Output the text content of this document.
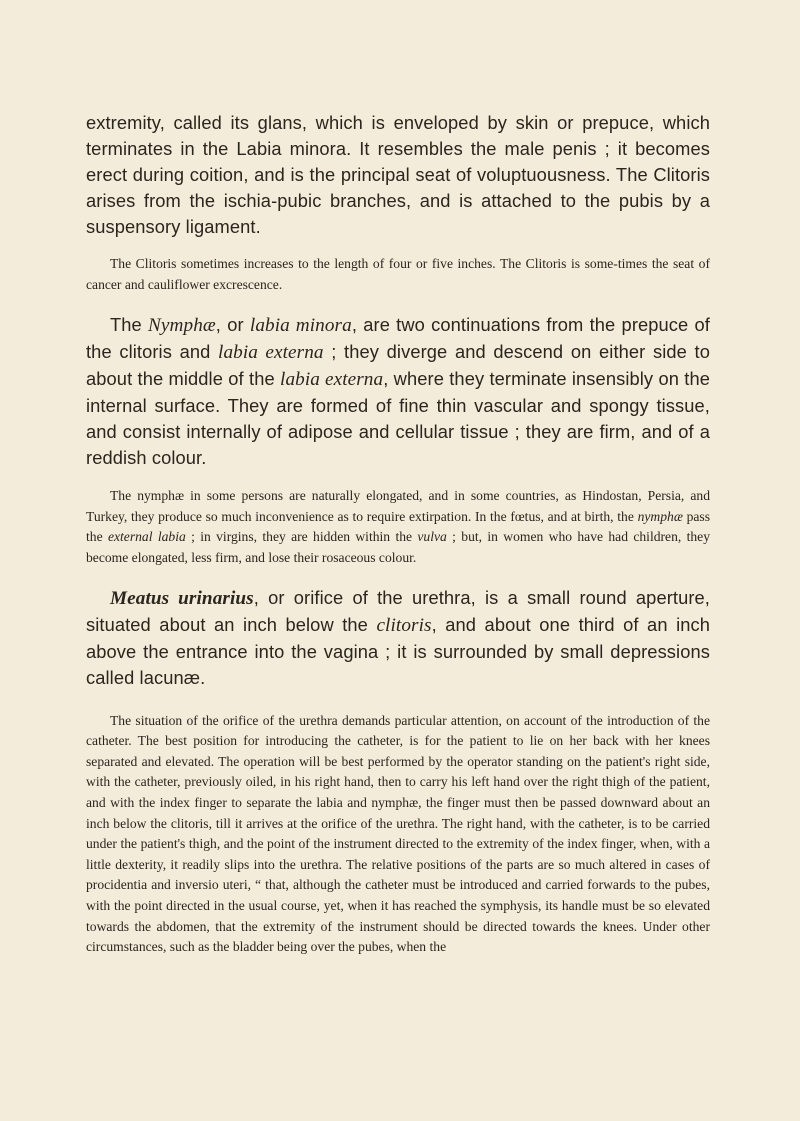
extremity, called its glans, which is enveloped by skin or prepuce, which terminates in the Labia minora. It resembles the male penis ; it becomes erect during coition, and is the principal seat of voluptuousness. The Clitoris arises from the ischia-pubic branches, and is attached to the pubis by a suspensory ligament.

The Clitoris sometimes increases to the length of four or five inches. The Clitoris is some-times the seat of cancer and cauliflower excrescence.

The Nymphæ, or labia minora, are two continuations from the prepuce of the clitoris and labia externa ; they diverge and descend on either side to about the middle of the labia externa, where they terminate insensibly on the internal surface. They are formed of fine thin vascular and spongy tissue, and consist internally of adipose and cellular tissue ; they are firm, and of a reddish colour.

The nymphæ in some persons are naturally elongated, and in some countries, as Hindostan, Persia, and Turkey, they produce so much inconvenience as to require extirpation. In the fœtus, and at birth, the nymphæ pass the external labia ; in virgins, they are hidden within the vulva ; but, in women who have had children, they become elongated, less firm, and lose their rosaceous colour.

Meatus urinarius, or orifice of the urethra, is a small round aperture, situated about an inch below the clitoris, and about one third of an inch above the entrance into the vagina ; it is surrounded by small depressions called lacunæ.

The situation of the orifice of the urethra demands particular attention, on account of the introduction of the catheter. The best position for introducing the catheter, is for the patient to lie on her back with her knees separated and elevated. The operation will be best performed by the operator standing on the patient's right side, with the catheter, previously oiled, in his right hand, then to carry his left hand over the right thigh of the patient, and with the index finger to separate the labia and nymphæ, the finger must then be passed downward about an inch below the clitoris, till it arrives at the orifice of the urethra. The right hand, with the catheter, is to be carried under the patient's thigh, and the point of the instrument directed to the extremity of the index finger, when, with a little dexterity, it readily slips into the urethra. The relative positions of the parts are so much altered in cases of procidentia and inversio uteri, “ that, although the catheter must be introduced and carried forwards to the pubes, with the point directed in the usual course, yet, when it has reached the symphysis, its handle must be so elevated towards the abdomen, that the extremity of the instrument should be directed towards the knees. Under other circumstances, such as the bladder being over the pubes, when the
